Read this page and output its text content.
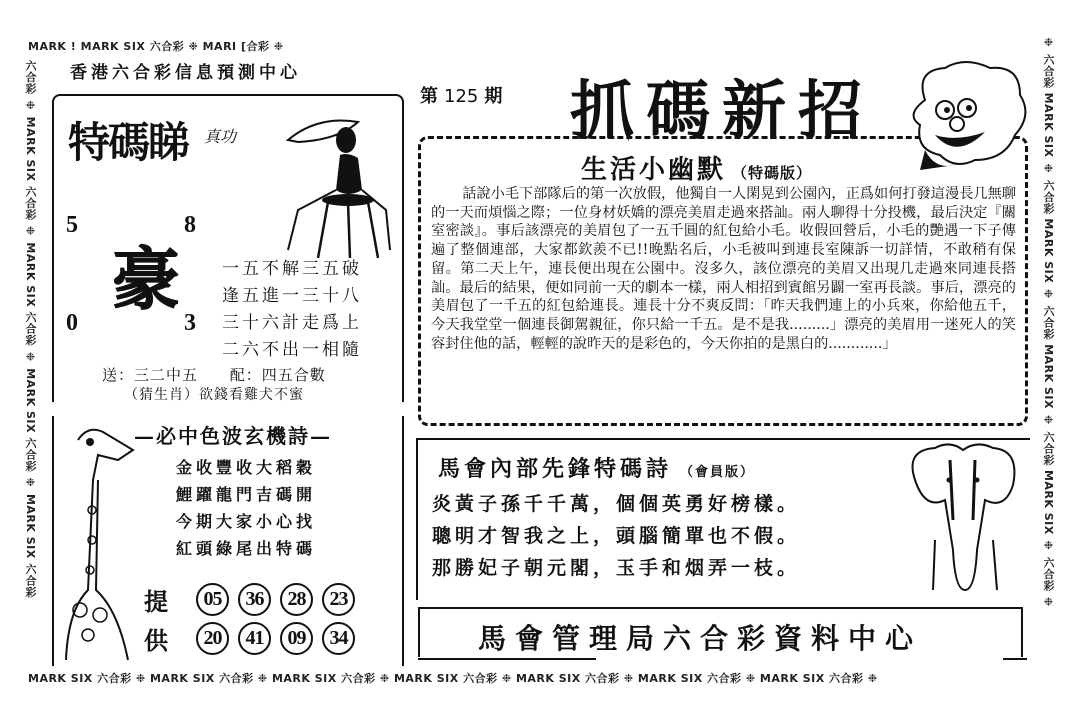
MARK ! MARK SIX 六合彩 ❉ MARI [合彩 ❉
MARK SIX 六合彩 ❉ MARK SIX 六合彩 ❉ MARK SIX 六合彩 ❉ MARK SIX 六合彩 ❉ MARK SIX 六合彩 ❉ MARK SIX 六合彩 ❉ MARK SIX 六合彩 ❉
六合彩 ❉ MARK SIX 六合彩 ❉ MARK SIX 六合彩 ❉ MARK SIX 六合彩 ❉ MARK SIX 六合彩	❉ 六合彩 MARK SIX ❉ 六合彩 MARK SIX ❉ 六合彩 MARK SIX ❉ 六合彩 MARK SIX ❉ 六合彩 ❉
香港六合彩信息預測中心
特碼睇 真功
5	8
0	3
豪 一五不解三五破
逢五進一三十八
三十六計走爲上
二六不出一相隨
送：三二中五 配：四五合數
（猜生肖）欲錢看雞犬不蜜
—必中色波玄機詩—
金收豐收大稻穀
鯉躍龍門吉碼開
今期大家小心找
紅頭綠尾出特碼
提	05	36	28	23
供	20	41	09	34
第 125 期 抓碼新招
生活小幽默 （特碼版）

話說小毛下部隊后的第一次放假，他獨自一人閑晃到公園內，正爲如何打發這漫長几無聊的一天而煩惱之際；一位身材妖嬌的漂亮美眉走過來搭訕。兩人聊得十分投機，最后決定『關室密談』。事后該漂亮的美眉包了一五千圓的紅包給小毛。收假回營后，小毛的艷遇一下子傳遍了整個連部，大家都欽羨不已!!晚點名后，小毛被叫到連長室陳訴一切詳情，不敢稍有保留。第二天上午，連長便出現在公園中。沒多久，該位漂亮的美眉又出現几走過來同連長搭訕。最后的結果，便如同前一天的劇本一樣，兩人相招到賓館另闢一室再長談。事后，漂亮的美眉包了一千五的紅包給連長。連長十分不爽反問：「昨天我們連上的小兵來，你給他五千，今天我堂堂一個連長御駕親征，你只給一千五。是不是我.........」漂亮的美眉用一迷死人的笑容封住他的話，輕輕的說昨天的是彩色的，今天你拍的是黑白的............」

馬會內部先鋒特碼詩 （會員版）
炎黃子孫千千萬，個個英勇好榜樣。
聰明才智我之上，頭腦簡單也不假。
那勝妃子朝元閣，玉手和烟弄一枝。
馬會管理局六合彩資料中心
